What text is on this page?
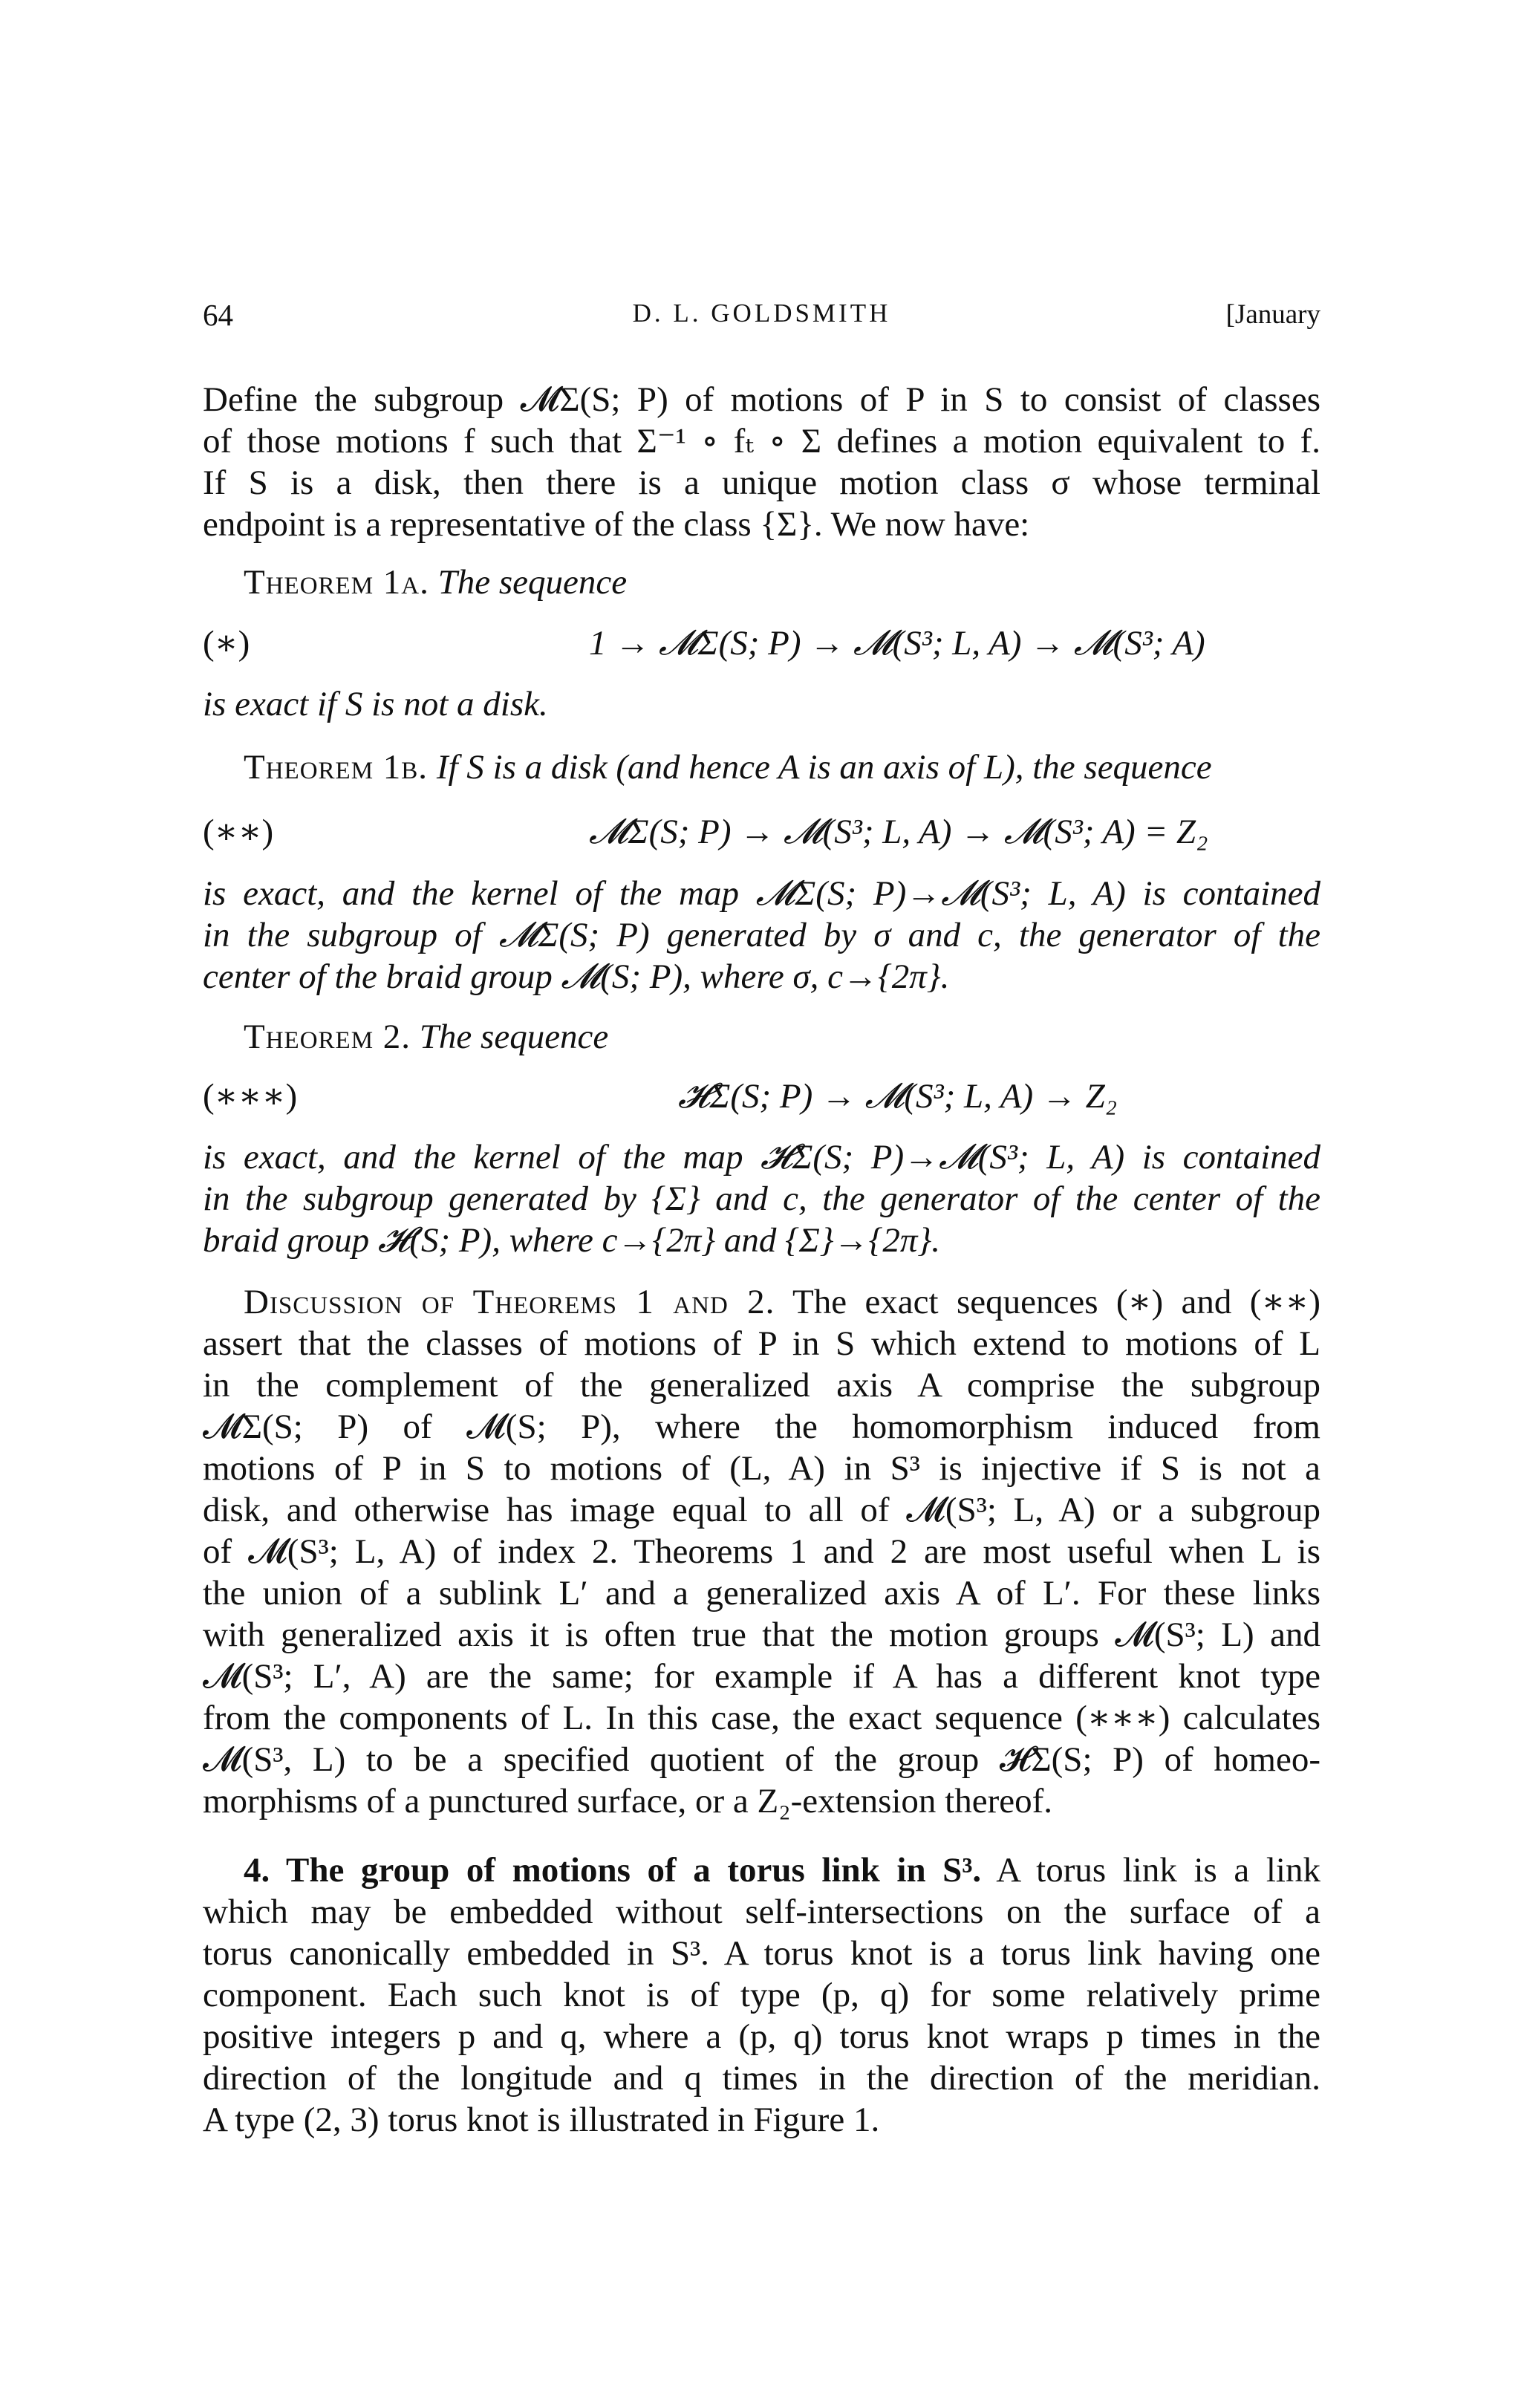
64	D. L. GOLDSMITH	[January
Define the subgroup 𝓜Σ(S; P) of motions of P in S to consist of classes
of those motions f such that Σ⁻¹ ∘ fₜ ∘ Σ defines a motion equivalent to f.
If S is a disk, then there is a unique motion class σ whose terminal
endpoint is a representative of the class {Σ}. We now have:
Theorem 1a. The sequence
(∗)	1 → 𝓜Σ(S; P) → 𝓜(S³; L, A) → 𝓜(S³; A)
is exact if S is not a disk.
Theorem 1b. If S is a disk (and hence A is an axis of L), the sequence
(∗∗)	𝓜Σ(S; P) → 𝓜(S³; L, A) → 𝓜(S³; A) = Z₂
is exact, and the kernel of the map 𝓜Σ(S; P)→𝓜(S³; L, A) is contained
in the subgroup of 𝓜Σ(S; P) generated by σ and c, the generator of the
center of the braid group 𝓜(S; P), where σ, c→{2π}.
Theorem 2. The sequence
(∗∗∗)	𝓗Σ(S; P) → 𝓜(S³; L, A) → Z₂
is exact, and the kernel of the map 𝓗Σ(S; P)→𝓜(S³; L, A) is contained
in the subgroup generated by {Σ} and c, the generator of the center of the
braid group 𝓗(S; P), where c→{2π} and {Σ}→{2π}.
Discussion of Theorems 1 and 2. The exact sequences (∗) and (∗∗)
assert that the classes of motions of P in S which extend to motions of L
in the complement of the generalized axis A comprise the subgroup
𝓜Σ(S; P) of 𝓜(S; P), where the homomorphism induced from
motions of P in S to motions of (L, A) in S³ is injective if S is not a
disk, and otherwise has image equal to all of 𝓜(S³; L, A) or a subgroup
of 𝓜(S³; L, A) of index 2. Theorems 1 and 2 are most useful when L is
the union of a sublink L′ and a generalized axis A of L′. For these links
with generalized axis it is often true that the motion groups 𝓜(S³; L) and
𝓜(S³; L′, A) are the same; for example if A has a different knot type
from the components of L. In this case, the exact sequence (∗∗∗) calculates
𝓜(S³, L) to be a specified quotient of the group 𝓗Σ(S; P) of homeo-
morphisms of a punctured surface, or a Z₂-extension thereof.
4. The group of motions of a torus link in S³. A torus link is a link
which may be embedded without self-intersections on the surface of a
torus canonically embedded in S³. A torus knot is a torus link having one
component. Each such knot is of type (p, q) for some relatively prime
positive integers p and q, where a (p, q) torus knot wraps p times in the
direction of the longitude and q times in the direction of the meridian.
A type (2, 3) torus knot is illustrated in Figure 1.
